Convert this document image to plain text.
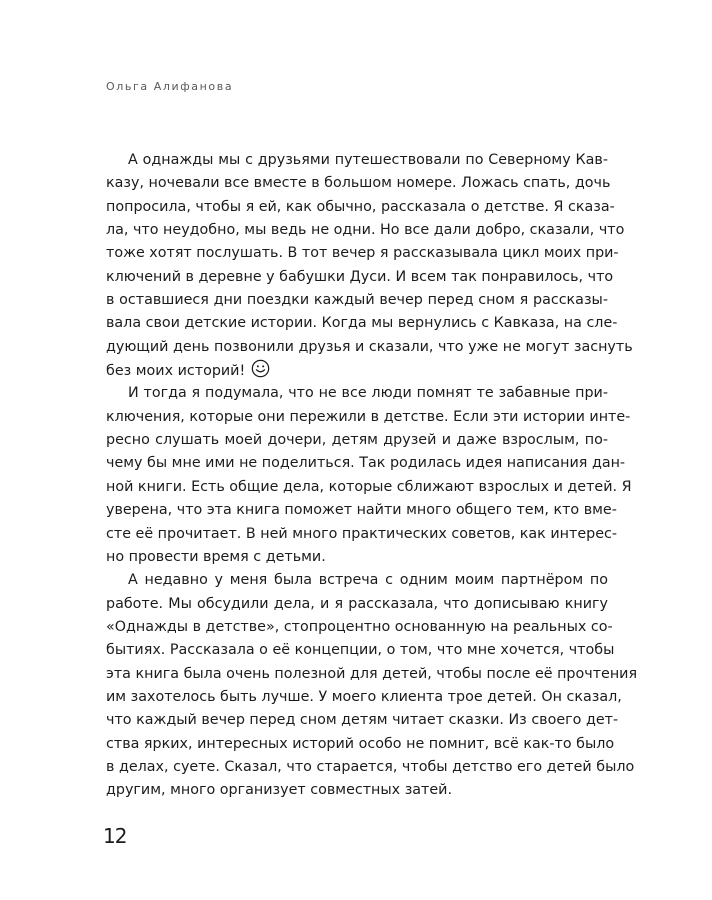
Ольга Алифанова
А однажды мы с друзьями путешествовали по Северному Кав-
казу, ночевали все вместе в большом номере. Ложась спать, дочь
попросила, чтобы я ей, как обычно, рассказала о детстве. Я сказа-
ла, что неудобно, мы ведь не одни. Но все дали добро, сказали, что
тоже хотят послушать. В тот вечер я рассказывала цикл моих при-
ключений в деревне у бабушки Дуси. И всем так понравилось, что
в оставшиеся дни поездки каждый вечер перед сном я рассказы-
вала свои детские истории. Когда мы вернулись с Кавказа, на сле-
дующий день позвонили друзья и сказали, что уже не могут заснуть
без моих историй!
И тогда я подумала, что не все люди помнят те забавные при-
ключения, которые они пережили в детстве. Если эти истории инте-
ресно слушать моей дочери, детям друзей и даже взрослым, по-
чему бы мне ими не поделиться. Так родилась идея написания дан-
ной книги. Есть общие дела, которые сближают взрослых и детей. Я
уверена, что эта книга поможет найти много общего тем, кто вме-
сте её прочитает. В ней много практических советов, как интерес-
но провести время с детьми.
А недавно у меня была встреча с одним моим партнёром по
работе. Мы обсудили дела, и я рассказала, что дописываю книгу
«Однажды в детстве», стопроцентно основанную на реальных со-
бытиях. Рассказала о её концепции, о том, что мне хочется, чтобы
эта книга была очень полезной для детей, чтобы после её прочтения
им захотелось быть лучше. У моего клиента трое детей. Он сказал,
что каждый вечер перед сном детям читает сказки. Из своего дет-
ства ярких, интересных историй особо не помнит, всё как-то было
в делах, суете. Сказал, что старается, чтобы детство его детей было
другим, много организует совместных затей.
12
